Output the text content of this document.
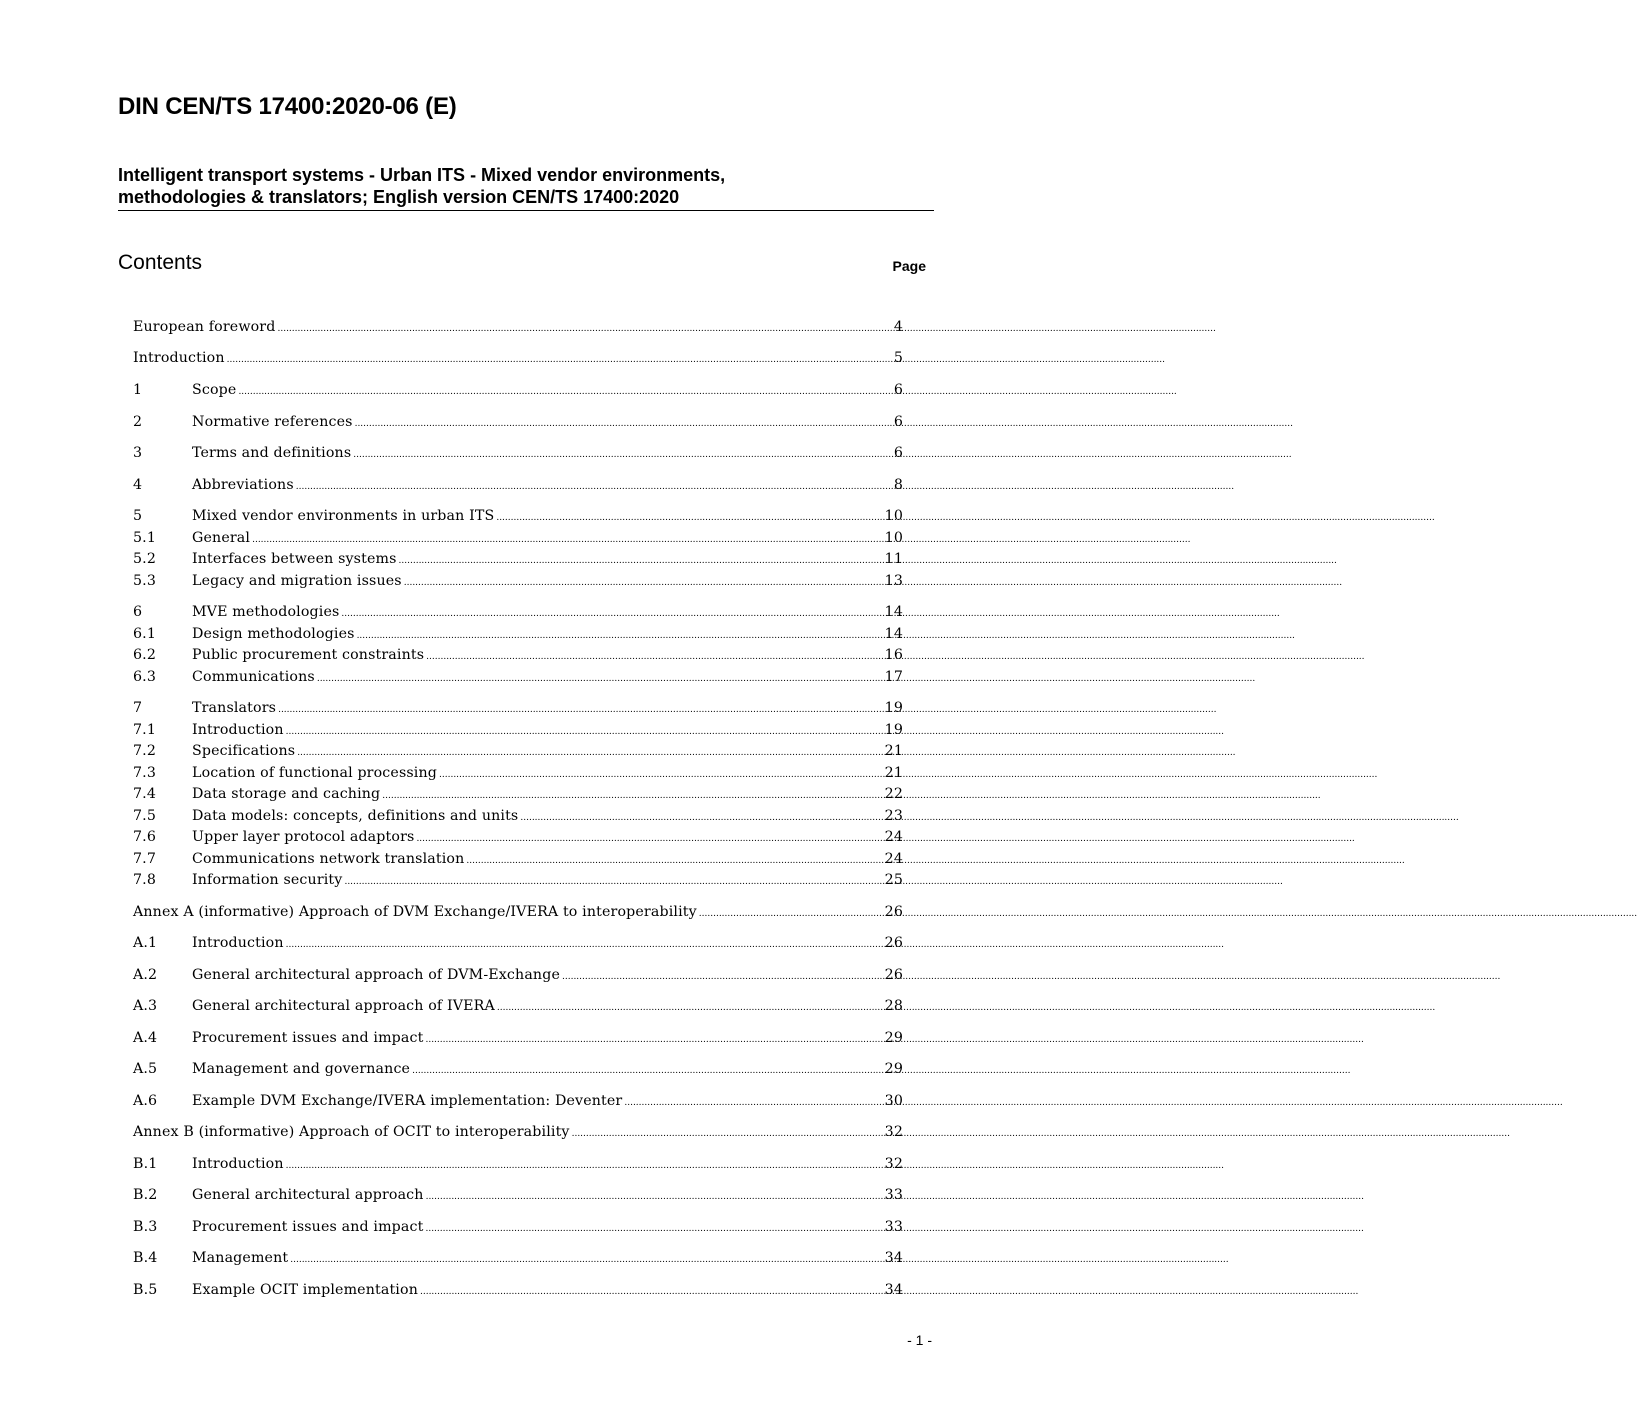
DIN CEN/TS 17400:2020-06 (E)
Intelligent transport systems - Urban ITS - Mixed vendor environments,
methodologies & translators; English version CEN/TS 17400:2020
Contents	Page
European foreword .....	4
Introduction .....	5
1	Scope .....	6
2	Normative references .....	6
3	Terms and definitions .....	6
4	Abbreviations .....	8
5	Mixed vendor environments in urban ITS .....	10
5.1	General .....	10
5.2	Interfaces between systems .....	11
5.3	Legacy and migration issues .....	13
6	MVE methodologies .....	14
6.1	Design methodologies .....	14
6.2	Public procurement constraints .....	16
6.3	Communications .....	17
7	Translators .....	19
7.1	Introduction .....	19
7.2	Specifications .....	21
7.3	Location of functional processing .....	21
7.4	Data storage and caching .....	22
7.5	Data models: concepts, definitions and units .....	23
7.6	Upper layer protocol adaptors .....	24
7.7	Communications network translation .....	24
7.8	Information security .....	25
Annex A (informative) Approach of DVM Exchange/IVERA to interoperability .....	26
A.1	Introduction .....	26
A.2	General architectural approach of DVM-Exchange .....	26
A.3	General architectural approach of IVERA .....	28
A.4	Procurement issues and impact .....	29
A.5	Management and governance .....	29
A.6	Example DVM Exchange/IVERA implementation: Deventer .....	30
Annex B (informative) Approach of OCIT to interoperability .....	32
B.1	Introduction .....	32
B.2	General architectural approach .....	33
B.3	Procurement issues and impact .....	33
B.4	Management .....	34
B.5	Example OCIT implementation .....	34
- 1 -
